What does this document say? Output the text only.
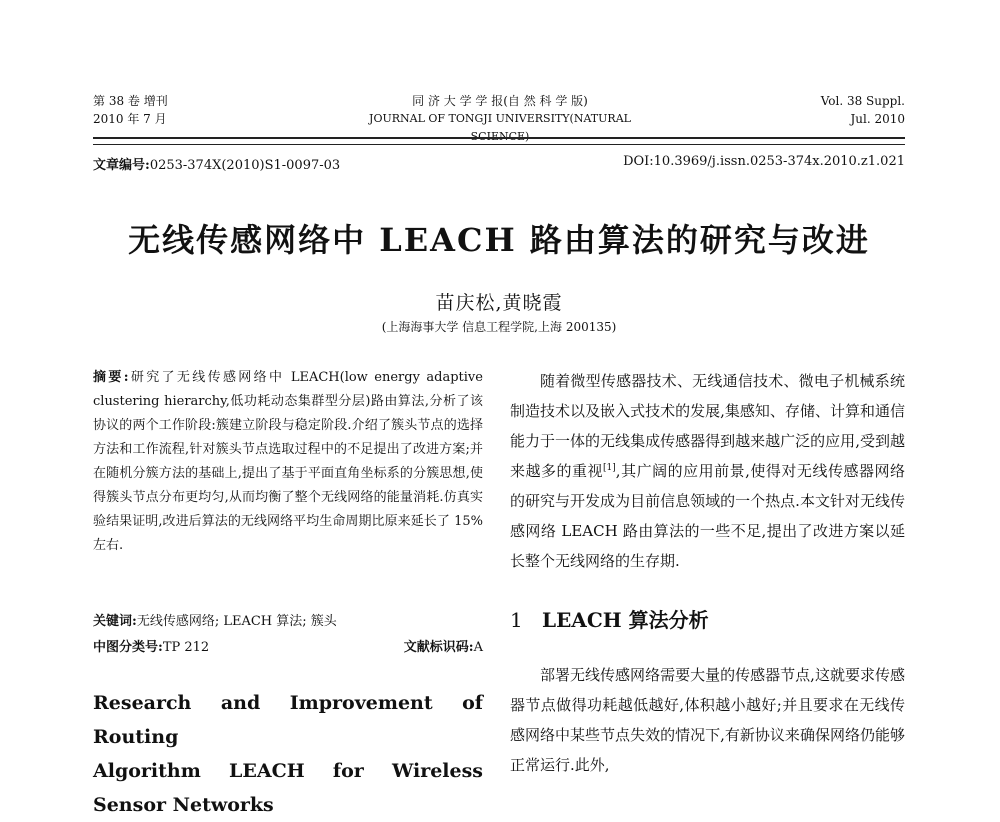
第 38 卷 增刊
2010 年 7 月
同 济 大 学 学 报(自 然 科 学 版)
JOURNAL OF TONGJI UNIVERSITY(NATURAL SCIENCE)
Vol. 38 Suppl.
Jul. 2010
文章编号:0253-374X(2010)S1-0097-03	DOI:10.3969/j.issn.0253-374x.2010.z1.021
无线传感网络中 LEACH 路由算法的研究与改进
苗庆松,黄晓霞
(上海海事大学 信息工程学院,上海 200135)
摘要:研究了无线传感网络中 LEACH(low energy adaptive clustering hierarchy,低功耗动态集群型分层)路由算法,分析了该协议的两个工作阶段:簇建立阶段与稳定阶段.介绍了簇头节点的选择方法和工作流程,针对簇头节点选取过程中的不足提出了改进方案;并在随机分簇方法的基础上,提出了基于平面直角坐标系的分簇思想,使得簇头节点分布更均匀,从而均衡了整个无线网络的能量消耗.仿真实验结果证明,改进后算法的无线网络平均生命周期比原来延长了 15%左右.
关键词:无线传感网络; LEACH 算法; 簇头
中图分类号:TP 212	文献标识码:A
Research and Improvement of Routing
Algorithm LEACH for Wireless
Sensor Networks
随着微型传感器技术、无线通信技术、微电子机械系统制造技术以及嵌入式技术的发展,集感知、存储、计算和通信能力于一体的无线集成传感器得到越来越广泛的应用,受到越来越多的重视[1],其广阔的应用前景,使得对无线传感器网络的研究与开发成为目前信息领域的一个热点.本文针对无线传感网络 LEACH 路由算法的一些不足,提出了改进方案以延长整个无线网络的生存期.
1 LEACH 算法分析
部署无线传感网络需要大量的传感器节点,这就要求传感器节点做得功耗越低越好,体积越小越好;并且要求在无线传感网络中某些节点失效的情况下,有新协议来确保网络仍能够正常运行.此外,
